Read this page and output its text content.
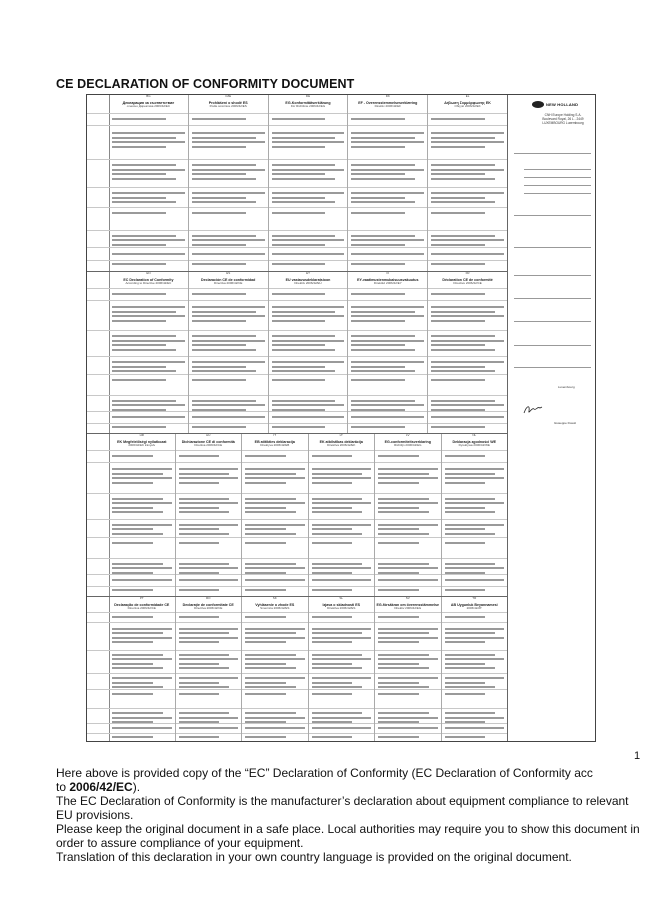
CE DECLARATION OF CONFORMITY DOCUMENT
BG
Декларация за съответствие
относно Директива 2006/42/EC
CZE
Prohlášení o shodě ES
Podle směrnice 2006/42/ES
DE
EG-Konformitätserklärung
Für Richtlinie 2006/42/EG
DK
EF - Overensstemmelseserklæring
Direktiv 2006/42/EF
EL
Δήλωση Συμμόρφωσης ΕΚ
Οδηγία 2006/42/ΕΚ
EN
EC Declaration of Conformity
According to Directive 2006/42/EC
ES
Declaración CE de conformidad
Directiva 2006/42/CE
ET
EU vastavusdeklaratsioon
Direktiiv 2006/42/EÜ
FI
EY-vaatimustenmukaisuusvakuutus
Direktiivi 2006/42/EY
FR
Déclaration CE de conformité
Directive 2006/42/CE
HR
EK Megfelelőségi nyilatkozat
2006/42/EK irányelv
HU
Dichiarazione CE di conformità
Direttiva 2006/42/CE
IT
EB atitikties deklaracija
Direktyva 2006/42/EB
LT
EK atbilstības deklarācija
Direktīva 2006/42/EK
LV
EG-conformiteitsverklaring
Richtlijn 2006/42/EG
NL
Deklaracja zgodności WE
Dyrektywa 2006/42/WE
PT
Declaração de conformidade CE
Directiva 2006/42/CE
RO
Declaraţie de conformitate CE
Directiva 2006/42/CE
SK
Vyhlásenie o zhode ES
Smernica 2006/42/ES
SL
Izjava o skladnosti ES
Direktiva 2006/42/ES
SV
EG-försäkran om överensstämmelse
Direktiv 2006/42/EG
TR
AB Uygunluk Beyannamesi
2006/42/AT
NEW HOLLAND
CNH Europe Holding S.A. Boulevard Royal, 26 L - 2449 LUXEMBOURG Luxembourg
Luxembourg
Giuseppe Dosoli
1

Here above is provided copy of the “EC” Declaration of Conformity (EC Declaration of Conformity acc

to 2006/42/EC).

The EC Declaration of Conformity is the manufacturer’s declaration about equipment compliance to relevant EU provisions.

Please keep the original document in a safe place. Local authorities may require you to show this document in order to assure compliance of your equipment.

Translation of this declaration in your own country language is provided on the original document.
